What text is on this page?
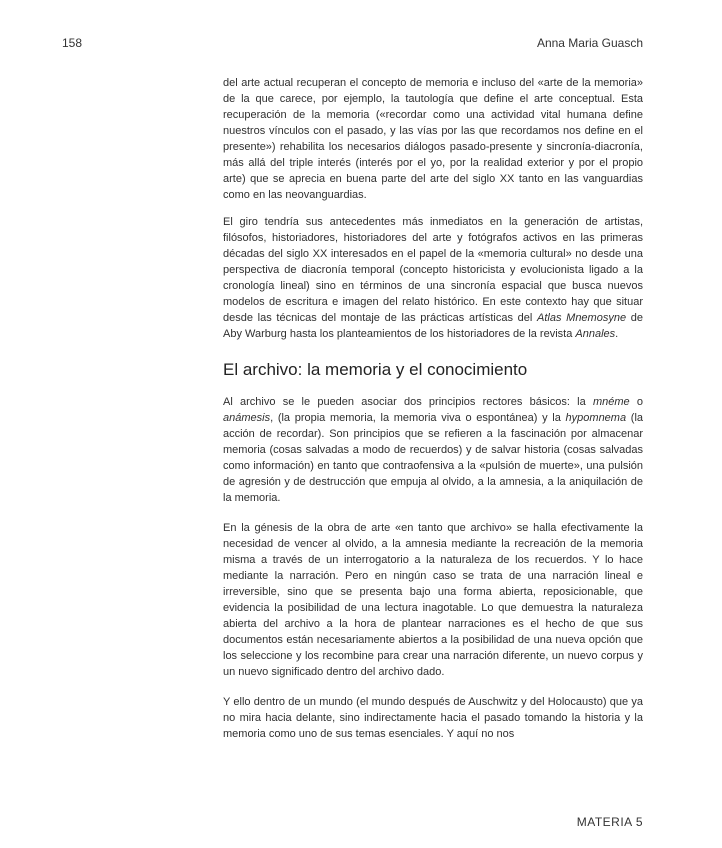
158	Anna Maria Guasch

del arte actual recuperan el concepto de memoria e incluso del «arte de la memoria» de la que carece, por ejemplo, la tautología que define el arte conceptual. Esta recuperación de la memoria («recordar como una actividad vital humana define nuestros vínculos con el pasado, y las vías por las que recordamos nos define en el presente») rehabilita los necesarios diálogos pasado-presente y sincronía-diacronía, más allá del triple interés (interés por el yo, por la realidad exterior y por el propio arte) que se aprecia en buena parte del arte del siglo XX tanto en las vanguardias como en las neovanguardias.

El giro tendría sus antecedentes más inmediatos en la generación de artistas, filósofos, historiadores, historiadores del arte y fotógrafos activos en las primeras décadas del siglo XX interesados en el papel de la «memoria cultural» no desde una perspectiva de diacronía temporal (concepto historicista y evolucionista ligado a la cronología lineal) sino en términos de una sincronía espacial que busca nuevos modelos de escritura e imagen del relato histórico. En este contexto hay que situar desde las técnicas del montaje de las prácticas artísticas del Atlas Mnemosyne de Aby Warburg hasta los planteamientos de los historiadores de la revista Annales.

El archivo: la memoria y el conocimiento

Al archivo se le pueden asociar dos principios rectores básicos: la mnéme o anámesis, (la propia memoria, la memoria viva o espontánea) y la hypomnema (la acción de recordar). Son principios que se refieren a la fascinación por almacenar memoria (cosas salvadas a modo de recuerdos) y de salvar historia (cosas salvadas como información) en tanto que contraofensiva a la «pulsión de muerte», una pulsión de agresión y de destrucción que empuja al olvido, a la amnesia, a la aniquilación de la memoria.

En la génesis de la obra de arte «en tanto que archivo» se halla efectivamente la necesidad de vencer al olvido, a la amnesia mediante la recreación de la memoria misma a través de un interrogatorio a la naturaleza de los recuerdos. Y lo hace mediante la narración. Pero en ningún caso se trata de una narración lineal e irreversible, sino que se presenta bajo una forma abierta, reposicionable, que evidencia la posibilidad de una lectura inagotable. Lo que demuestra la naturaleza abierta del archivo a la hora de plantear narraciones es el hecho de que sus documentos están necesariamente abiertos a la posibilidad de una nueva opción que los seleccione y los recombine para crear una narración diferente, un nuevo corpus y un nuevo significado dentro del archivo dado.

Y ello dentro de un mundo (el mundo después de Auschwitz y del Holocausto) que ya no mira hacia delante, sino indirectamente hacia el pasado tomando la historia y la memoria como uno de sus temas esenciales. Y aquí no nos

MATERIA 5
